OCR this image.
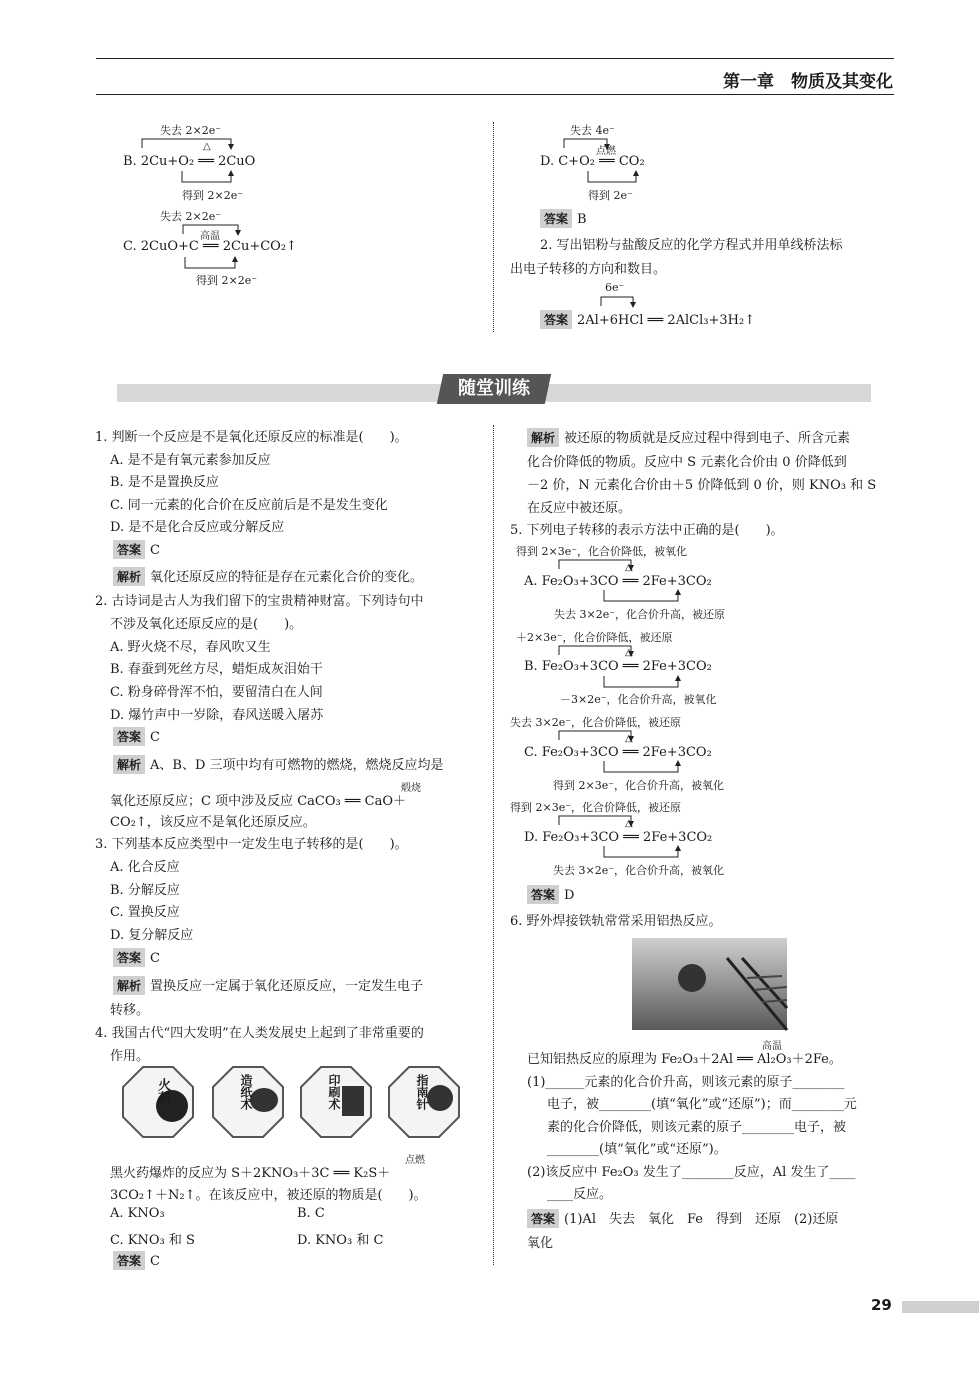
第一章　物质及其变化
失去 2×2e⁻
△
B. 2Cu+O₂ ══ 2CuO
得到 2×2e⁻
失去 2×2e⁻
高温
C. 2CuO+C ══ 2Cu+CO₂↑
得到 2×2e⁻
失去 4e⁻
点燃
D. C+O₂ ══ CO₂
得到 2e⁻
答案 B
2. 写出铝粉与盐酸反应的化学方程式并用单线桥法标
出电子转移的方向和数目。
6e⁻
答案 2Al+6HCl ══ 2AlCl₃+3H₂↑
随堂训练
1. 判断一个反应是不是氧化还原反应的标准是(　　)。
A. 是不是有氧元素参加反应
B. 是不是置换反应
C. 同一元素的化合价在反应前后是不是发生变化
D. 是不是化合反应或分解反应
答案 C
解析 氧化还原反应的特征是存在元素化合价的变化。
2. 古诗词是古人为我们留下的宝贵精神财富。下列诗句中
不涉及氧化还原反应的是(　　)。
A. 野火烧不尽，春风吹又生
B. 春蚕到死丝方尽，蜡炬成灰泪始干
C. 粉身碎骨浑不怕，要留清白在人间
D. 爆竹声中一岁除，春风送暖入屠苏
答案 C
解析 A、B、D 三项中均有可燃物的燃烧，燃烧反应均是
煅烧
氧化还原反应；C 项中涉及反应 CaCO₃ ══ CaO＋
CO₂↑，该反应不是氧化还原反应。
3. 下列基本反应类型中一定发生电子转移的是(　　)。
A. 化合反应
B. 分解反应
C. 置换反应
D. 复分解反应
答案 C
解析 置换反应一定属于氧化还原反应，一定发生电子
转移。
4. 我国古代“四大发明”在人类发展史上起到了非常重要的
作用。
火药	造纸术	印刷术	指南针
点燃
黑火药爆炸的反应为 S＋2KNO₃＋3C ══ K₂S＋
3CO₂↑＋N₂↑。在该反应中，被还原的物质是(　　)。
A. KNO₃	B. C
C. KNO₃ 和 S	D. KNO₃ 和 C
答案 C
解析 被还原的物质就是反应过程中得到电子、所含元素
化合价降低的物质。反应中 S 元素化合价由 0 价降低到
－2 价，N 元素化合价由＋5 价降低到 0 价，则 KNO₃ 和 S
在反应中被还原。
5. 下列电子转移的表示方法中正确的是(　　)。
得到 2×3e⁻，化合价降低，被氧化
△
A. Fe₂O₃+3CO ══ 2Fe+3CO₂
失去 3×2e⁻，化合价升高，被还原
＋2×3e⁻，化合价降低，被还原
△
B. Fe₂O₃+3CO ══ 2Fe+3CO₂
－3×2e⁻，化合价升高，被氧化
失去 3×2e⁻，化合价降低，被还原
△
C. Fe₂O₃+3CO ══ 2Fe+3CO₂
得到 2×3e⁻，化合价升高，被氧化
得到 2×3e⁻，化合价降低，被还原
△
D. Fe₂O₃+3CO ══ 2Fe+3CO₂
失去 3×2e⁻，化合价升高，被氧化
答案 D
6. 野外焊接铁轨常常采用铝热反应。
高温
已知铝热反应的原理为 Fe₂O₃＋2Al ══ Al₂O₃＋2Fe。
(1)______元素的化合价升高，则该元素的原子________
电子，被________(填“氧化”或“还原”)；而________元
素的化合价降低，则该元素的原子________电子，被
________(填“氧化”或“还原”)。
(2)该反应中 Fe₂O₃ 发生了________反应，Al 发生了____
____反应。
答案 (1)Al　失去　氧化　Fe　得到　还原　(2)还原
氧化
29
